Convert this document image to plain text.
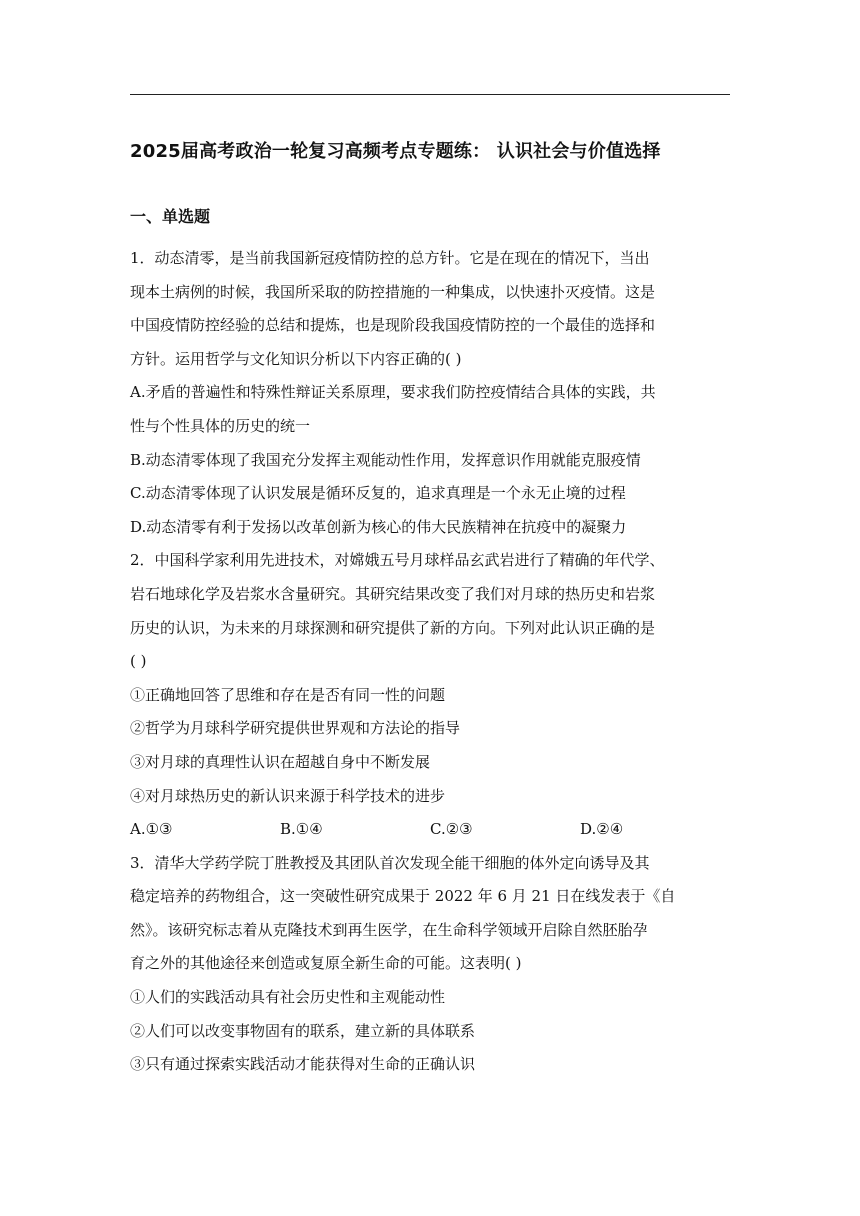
2025届高考政治一轮复习高频考点专题练： 认识社会与价值选择
一、单选题
1．动态清零，是当前我国新冠疫情防控的总方针。它是在现在的情况下，当出
现本土病例的时候，我国所采取的防控措施的一种集成，以快速扑灭疫情。这是
中国疫情防控经验的总结和提炼，也是现阶段我国疫情防控的一个最佳的选择和
方针。运用哲学与文化知识分析以下内容正确的( )
A.矛盾的普遍性和特殊性辩证关系原理，要求我们防控疫情结合具体的实践，共
性与个性具体的历史的统一
B.动态清零体现了我国充分发挥主观能动性作用，发挥意识作用就能克服疫情
C.动态清零体现了认识发展是循环反复的，追求真理是一个永无止境的过程
D.动态清零有利于发扬以改革创新为核心的伟大民族精神在抗疫中的凝聚力
2．中国科学家利用先进技术，对嫦娥五号月球样品玄武岩进行了精确的年代学、
岩石地球化学及岩浆水含量研究。其研究结果改变了我们对月球的热历史和岩浆
历史的认识，为未来的月球探测和研究提供了新的方向。下列对此认识正确的是
( )
①正确地回答了思维和存在是否有同一性的问题
②哲学为月球科学研究提供世界观和方法论的指导
③对月球的真理性认识在超越自身中不断发展
④对月球热历史的新认识来源于科学技术的进步
A.①③	B.①④	C.②③	D.②④
3．清华大学药学院丁胜教授及其团队首次发现全能干细胞的体外定向诱导及其
稳定培养的药物组合，这一突破性研究成果于 2022 年 6 月 21 日在线发表于《自
然》。该研究标志着从克隆技术到再生医学，在生命科学领域开启除自然胚胎孕
育之外的其他途径来创造或复原全新生命的可能。这表明( )
①人们的实践活动具有社会历史性和主观能动性
②人们可以改变事物固有的联系，建立新的具体联系
③只有通过探索实践活动才能获得对生命的正确认识
